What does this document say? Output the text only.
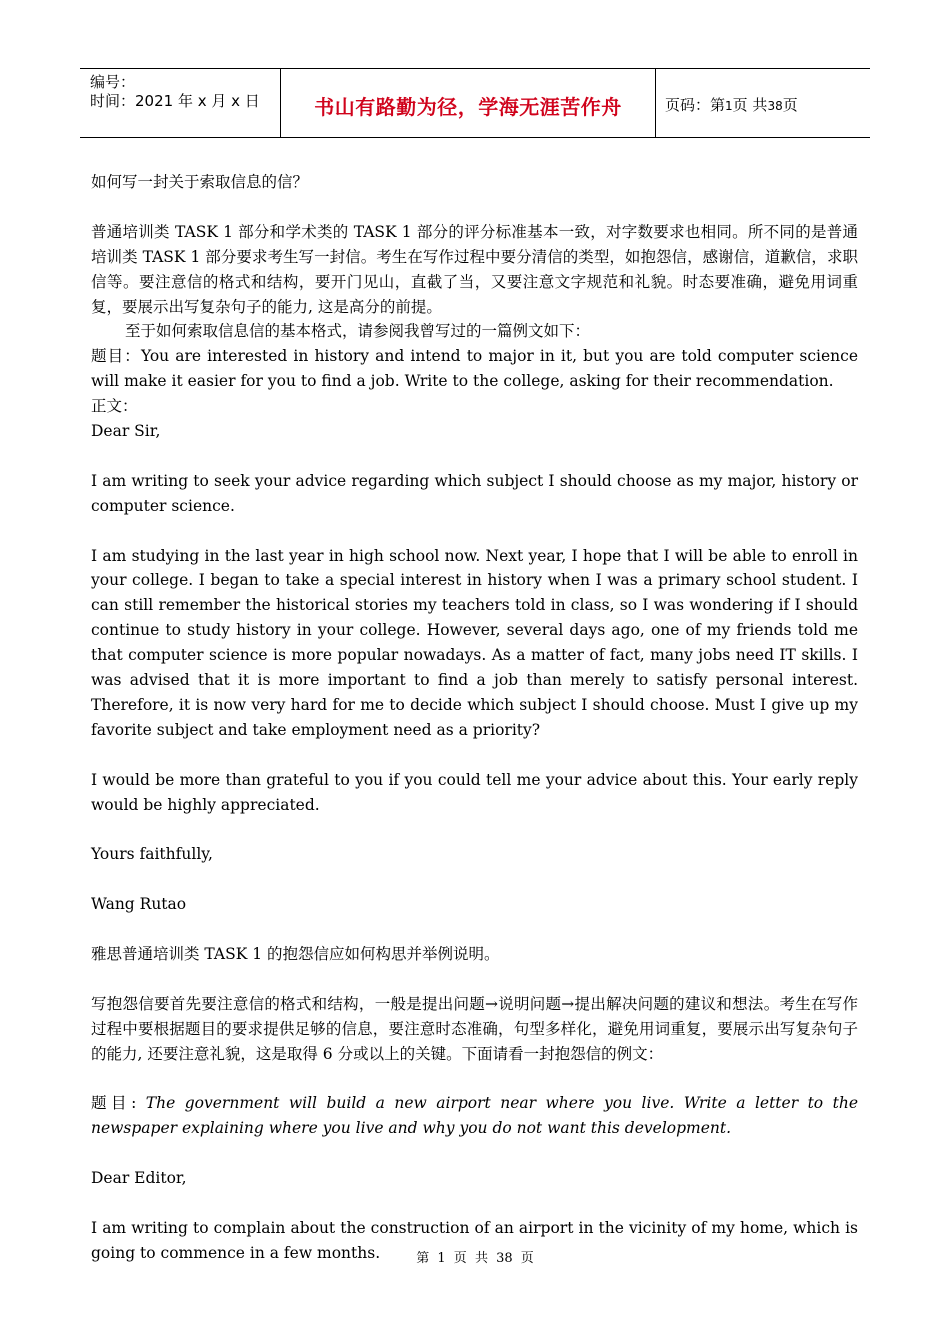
编号：
时间：2021 年 x 月 x 日	书山有路勤为径，学海无涯苦作舟	页码：第1页 共38页

如何写一封关于索取信息的信？

普通培训类 TASK 1 部分和学术类的 TASK 1 部分的评分标准基本一致，对字数要求也相同。所不同的是普通培训类 TASK 1 部分要求考生写一封信。考生在写作过程中要分清信的类型，如抱怨信，感谢信，道歉信，求职信等。要注意信的格式和结构，要开门见山，直截了当，又要注意文字规范和礼貌。时态要准确，避免用词重复，要展示出写复杂句子的能力, 这是高分的前提。

至于如何索取信息信的基本格式，请参阅我曾写过的一篇例文如下：

题目：You are interested in history and intend to major in it, but you are told computer science will make it easier for you to find a job. Write to the college, asking for their recommendation.

正文：

Dear Sir,

I am writing to seek your advice regarding which subject I should choose as my major, history or computer science.

I am studying in the last year in high school now. Next year, I hope that I will be able to enroll in your college. I began to take a special interest in history when I was a primary school student. I can still remember the historical stories my teachers told in class, so I was wondering if I should continue to study history in your college. However, several days ago, one of my friends told me that computer science is more popular nowadays. As a matter of fact, many jobs need IT skills. I was advised that it is more important to find a job than merely to satisfy personal interest. Therefore, it is now very hard for me to decide which subject I should choose. Must I give up my favorite subject and take employment need as a priority?

I would be more than grateful to you if you could tell me your advice about this. Your early reply would be highly appreciated.

Yours faithfully,

Wang Rutao

雅思普通培训类 TASK 1 的抱怨信应如何构思并举例说明。

写抱怨信要首先要注意信的格式和结构，一般是提出问题→说明问题→提出解决问题的建议和想法。考生在写作过程中要根据题目的要求提供足够的信息，要注意时态准确，句型多样化，避免用词重复，要展示出写复杂句子的能力, 还要注意礼貌，这是取得 6 分或以上的关键。下面请看一封抱怨信的例文：

题目: The government will build a new airport near where you live. Write a letter to the newspaper explaining where you live and why you do not want this development.

Dear Editor,

I am writing to complain about the construction of an airport in the vicinity of my home, which is going to commence in a few months.	第 1 页 共 38 页
